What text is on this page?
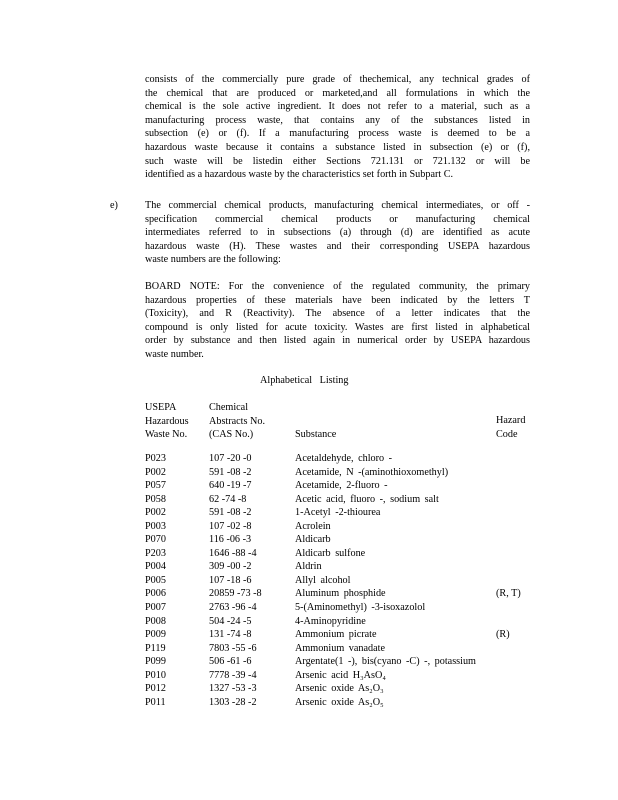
consists of the commercially pure grade of thechemical, any technical grades of
the chemical that are produced or marketed,and all formulations in which the
chemical is the sole active ingredient. It does not refer to a material, such as a
manufacturing process waste, that contains any of the substances listed in
subsection (e) or (f). If a manufacturing process waste is deemed to be a
hazardous waste because it contains a substance listed in subsection (e) or (f),
such waste will be listedin either Sections 721.131 or 721.132 or will be
identified as a hazardous waste by the characteristics set forth in Subpart C.
e)	The commercial chemical products, manufacturing chemical intermediates, or off -
specification commercial chemical products or manufacturing chemical
intermediates referred to in subsections (a) through (d) are identified as acute
hazardous waste (H). These wastes and their corresponding USEPA hazardous
waste numbers are the following:
BOARD NOTE: For the convenience of the regulated community, the primary
hazardous properties of these materials have been indicated by the letters T
(Toxicity), and R (Reactivity). The absence of a letter indicates that the
compound is only listed for acute toxicity. Wastes are first listed in alphabetical
order by substance and then listed again in numerical order by USEPA hazardous
waste number.
Alphabetical Listing
USEPA
Hazardous
Waste No.
Chemical
Abstracts No.
(CAS No.)	Substance
Hazard
Code
P023	107 -20 -0	Acetaldehyde, chloro -
P002	591 -08 -2	Acetamide, N -(aminothioxomethyl)
P057	640 -19 -7	Acetamide, 2-fluoro -
P058	62 -74 -8	Acetic acid, fluoro -, sodium salt
P002	591 -08 -2	1-Acetyl -2-thiourea
P003	107 -02 -8	Acrolein
P070	116 -06 -3	Aldicarb
P203	1646 -88 -4	Aldicarb sulfone
P004	309 -00 -2	Aldrin
P005	107 -18 -6	Allyl alcohol
P006	20859 -73 -8	Aluminum phosphide	(R, T)
P007	2763 -96 -4	5-(Aminomethyl) -3-isoxazolol
P008	504 -24 -5	4-Aminopyridine
P009	131 -74 -8	Ammonium picrate	(R)
P119	7803 -55 -6	Ammonium vanadate
P099	506 -61 -6	Argentate(1 -), bis(cyano -C) -, potassium
P010	7778 -39 -4	Arsenic acid H₃AsO₄
P012	1327 -53 -3	Arsenic oxide As₂O₃
P011	1303 -28 -2	Arsenic oxide As₂O₅
